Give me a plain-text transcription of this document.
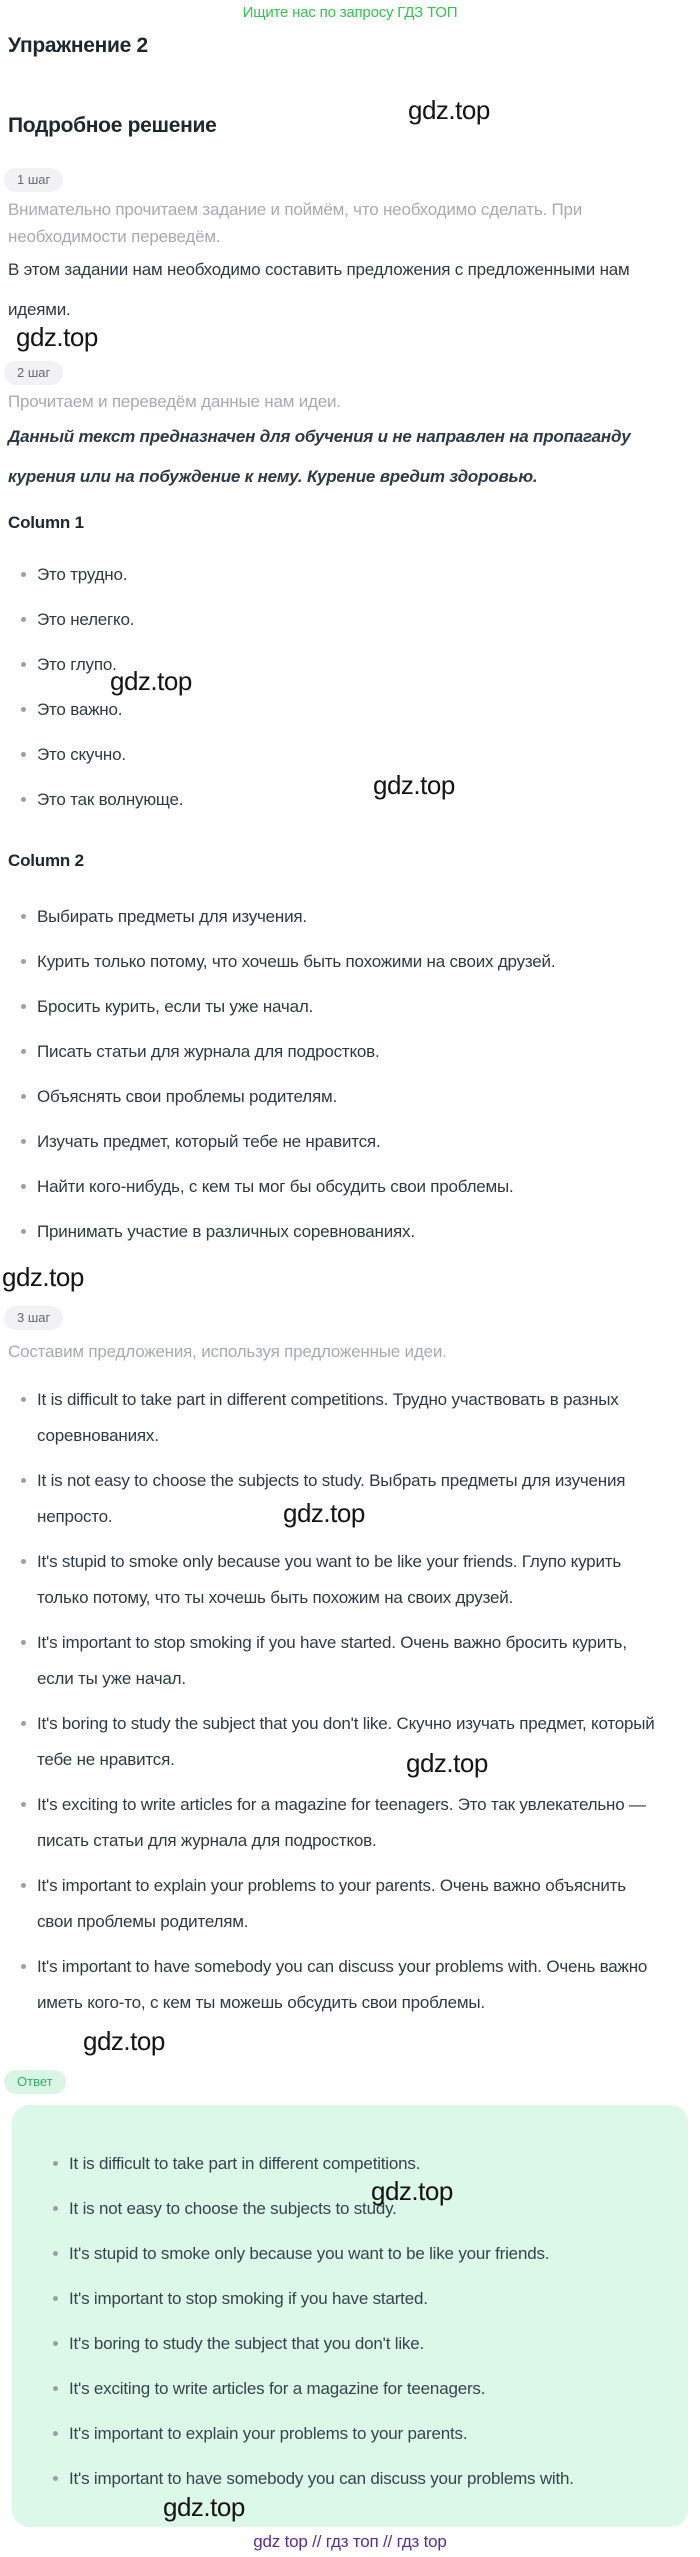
Ищите нас по запросу ГДЗ ТОП
Упражнение 2
Подробное решение
1 шаг
Внимательно прочитаем задание и поймём, что необходимо сделать. При необходимости переведём.
В этом задании нам необходимо составить предложения с предложенными нам идеями.
2 шаг
Прочитаем и переведём данные нам идеи.
Данный текст предназначен для обучения и не направлен на пропаганду курения или на побуждение к нему. Курение вредит здоровью.
Column 1
Это трудно.
Это нелегко.
Это глупо.
Это важно.
Это скучно.
Это так волнующе.
Column 2
Выбирать предметы для изучения.
Курить только потому, что хочешь быть похожими на своих друзей.
Бросить курить, если ты уже начал.
Писать статьи для журнала для подростков.
Объяснять свои проблемы родителям.
Изучать предмет, который тебе не нравится.
Найти кого-нибудь, с кем ты мог бы обсудить свои проблемы.
Принимать участие в различных соревнованиях.
3 шаг
Составим предложения, используя предложенные идеи.
It is difficult to take part in different competitions. Трудно участвовать в разных соревнованиях.
It is not easy to choose the subjects to study. Выбрать предметы для изучения непросто.
It's stupid to smoke only because you want to be like your friends. Глупо курить только потому, что ты хочешь быть похожим на своих друзей.
It's important to stop smoking if you have started. Очень важно бросить курить, если ты уже начал.
It's boring to study the subject that you don't like. Скучно изучать предмет, который тебе не нравится.
It's exciting to write articles for a magazine for teenagers. Это так увлекательно — писать статьи для журнала для подростков.
It's important to explain your problems to your parents. Очень важно объяснить свои проблемы родителям.
It's important to have somebody you can discuss your problems with. Очень важно иметь кого-то, с кем ты можешь обсудить свои проблемы.
Ответ
It is difficult to take part in different competitions.
It is not easy to choose the subjects to study.
It's stupid to smoke only because you want to be like your friends.
It's important to stop smoking if you have started.
It's boring to study the subject that you don't like.
It's exciting to write articles for a magazine for teenagers.
It's important to explain your problems to your parents.
It's important to have somebody you can discuss your problems with.
gdz.top
gdz.top
gdz.top
gdz.top
gdz.top
gdz.top
gdz.top
gdz.top
gdz.top
gdz.top
gdz top // гдз топ // гдз top
